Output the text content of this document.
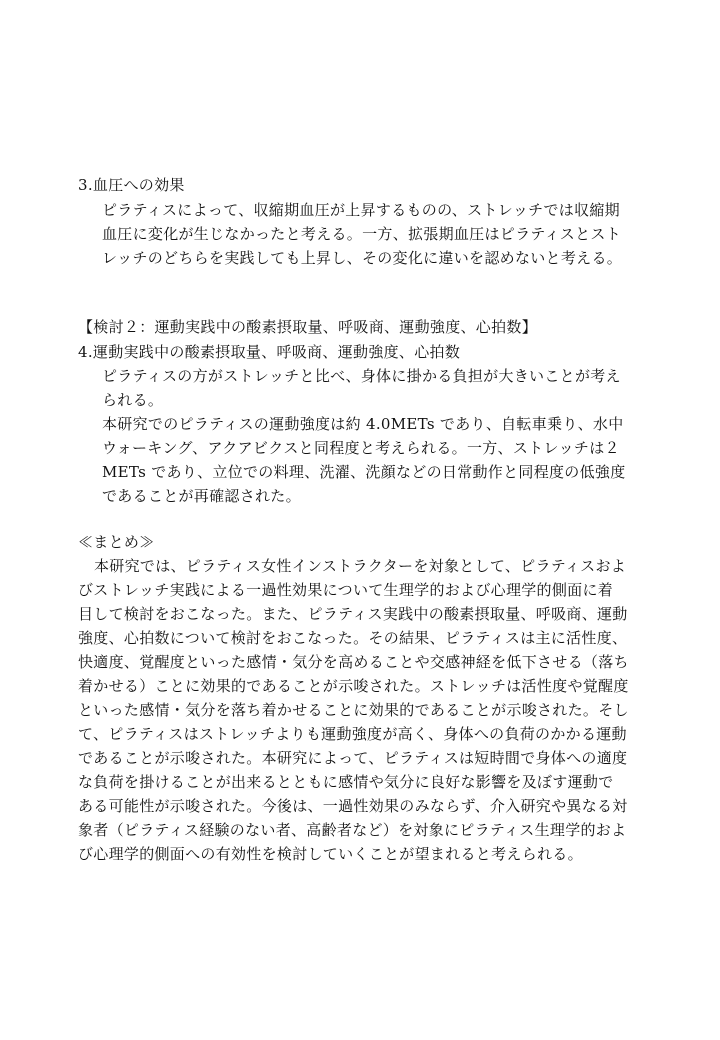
3.血圧への効果
ピラティスによって、収縮期血圧が上昇するものの、ストレッチでは収縮期
血圧に変化が生じなかったと考える。一方、拡張期血圧はピラティスとスト
レッチのどちらを実践しても上昇し、その変化に違いを認めないと考える。
【検討２：運動実践中の酸素摂取量、呼吸商、運動強度、心拍数】
4.運動実践中の酸素摂取量、呼吸商、運動強度、心拍数
ピラティスの方がストレッチと比べ、身体に掛かる負担が大きいことが考え
られる。
本研究でのピラティスの運動強度は約 4.0METs であり、自転車乗り、水中
ウォーキング、アクアビクスと同程度と考えられる。一方、ストレッチは２
METs であり、立位での料理、洗濯、洗顔などの日常動作と同程度の低強度
であることが再確認された。
≪まとめ≫
本研究では、ピラティス女性インストラクターを対象として、ピラティスおよ
びストレッチ実践による一過性効果について生理学的および心理学的側面に着
目して検討をおこなった。また、ピラティス実践中の酸素摂取量、呼吸商、運動
強度、心拍数について検討をおこなった。その結果、ピラティスは主に活性度、
快適度、覚醒度といった感情・気分を高めることや交感神経を低下させる（落ち
着かせる）ことに効果的であることが示唆された。ストレッチは活性度や覚醒度
といった感情・気分を落ち着かせることに効果的であることが示唆された。そし
て、ピラティスはストレッチよりも運動強度が高く、身体への負荷のかかる運動
であることが示唆された。本研究によって、ピラティスは短時間で身体への適度
な負荷を掛けることが出来るとともに感情や気分に良好な影響を及ぼす運動で
ある可能性が示唆された。今後は、一過性効果のみならず、介入研究や異なる対
象者（ピラティス経験のない者、高齢者など）を対象にピラティス生理学的およ
び心理学的側面への有効性を検討していくことが望まれると考えられる。
